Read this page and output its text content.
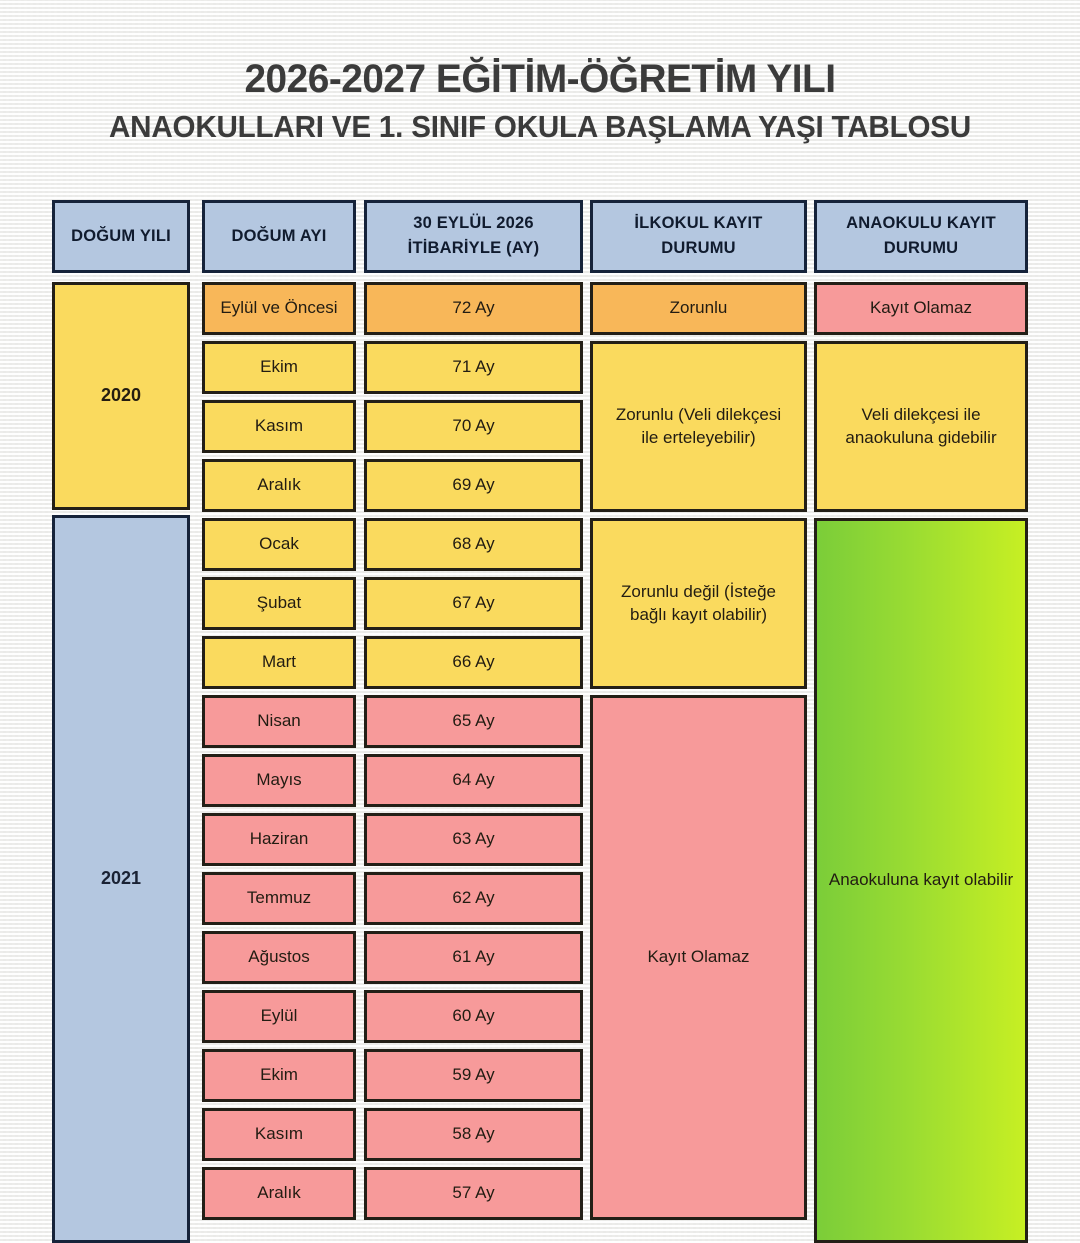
2026-2027 EĞİTİM-ÖĞRETİM YILI
ANAOKULLARI VE 1. SINIF OKULA BAŞLAMA YAŞI TABLOSU
DOĞUM YILI	DOĞUM AYI
30 EYLÜL 2026
İTİBARİYLE (AY)
İLKOKUL KAYIT
DURUMU
ANAOKULU KAYIT
DURUMU
2020
2021
Eylül ve Öncesi
Ekim
Kasım
Aralık
Ocak
Şubat
Mart
Nisan
Mayıs
Haziran
Temmuz
Ağustos
Eylül
Ekim
Kasım
Aralık
72 Ay
71 Ay
70 Ay
69 Ay
68 Ay
67 Ay
66 Ay
65 Ay
64 Ay
63 Ay
62 Ay
61 Ay
60 Ay
59 Ay
58 Ay
57 Ay
Zorunlu
Zorunlu (Veli dilekçesi ile erteleyebilir)
Zorunlu değil (İsteğe bağlı kayıt olabilir)
Kayıt Olamaz
Kayıt Olamaz
Veli dilekçesi ile anaokuluna gidebilir
Anaokuluna kayıt olabilir
